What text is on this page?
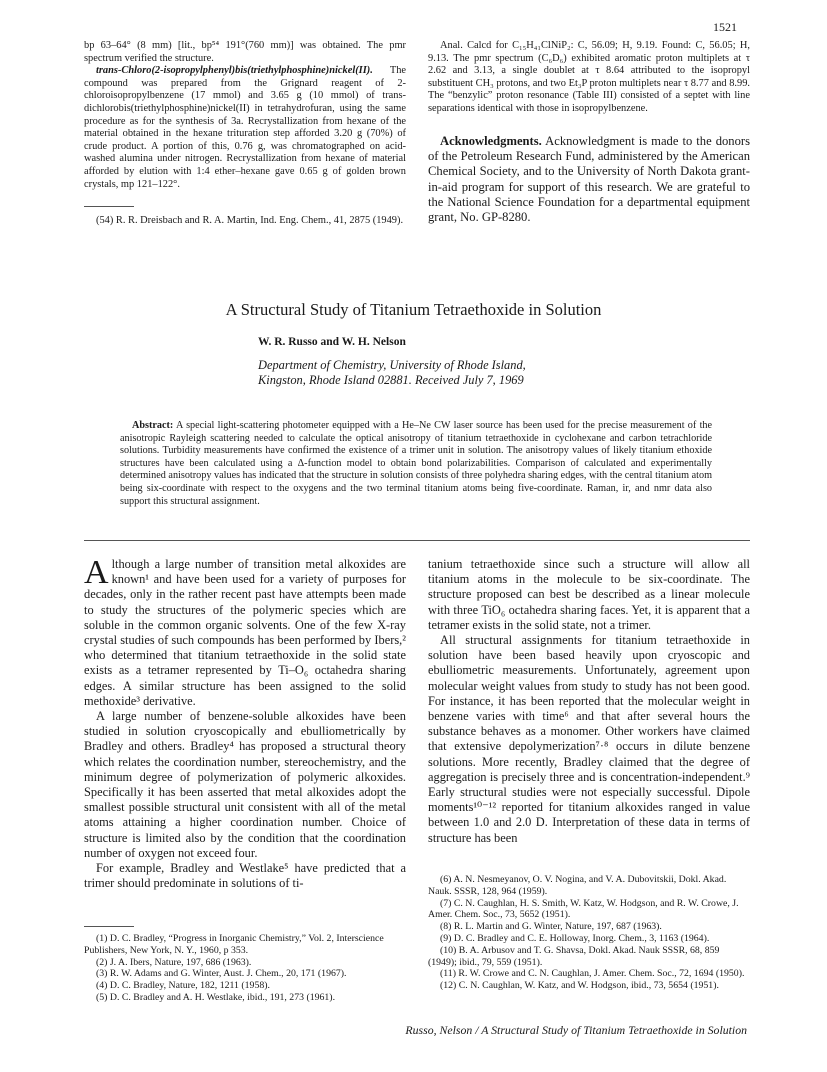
1521

bp 63–64° (8 mm) [lit., bp⁵⁴ 191°(760 mm)] was obtained. The pmr spectrum verified the structure.

trans-Chloro(2-isopropylphenyl)bis(triethylphosphine)nickel(II). The compound was prepared from the Grignard reagent of 2-chloroisopropylbenzene (17 mmol) and 3.65 g (10 mmol) of trans-dichlorobis(triethylphosphine)nickel(II) in tetrahydrofuran, using the same procedure as for the synthesis of 3a. Recrystallization from hexane of the material obtained in the hexane trituration step afforded 3.20 g (70%) of crude product. A portion of this, 0.76 g, was chromatographed on acid-washed alumina under nitrogen. Recrystallization from hexane of material afforded by elution with 1:4 ether–hexane gave 0.65 g of golden brown crystals, mp 121–122°.

(54) R. R. Dreisbach and R. A. Martin, Ind. Eng. Chem., 41, 2875 (1949).
Anal. Calcd for C₁₅H₄₁ClNiP₂: C, 56.09; H, 9.19. Found: C, 56.05; H, 9.13. The pmr spectrum (C₆D₆) exhibited aromatic proton multiplets at τ 2.62 and 3.13, a single doublet at τ 8.64 attributed to the isopropyl substituent CH₃ protons, and two Et₃P proton multiplets near τ 8.77 and 8.99. The “benzylic” proton resonance (Table III) consisted of a septet with line separations identical with those in isopropylbenzene.
Acknowledgments. Acknowledgment is made to the donors of the Petroleum Research Fund, administered by the American Chemical Society, and to the University of North Dakota grant-in-aid program for support of this research. We are grateful to the National Science Foundation for a departmental equipment grant, No. GP-8280.
A Structural Study of Titanium Tetraethoxide in Solution
W. R. Russo and W. H. Nelson
Department of Chemistry, University of Rhode Island,
Kingston, Rhode Island 02881. Received July 7, 1969
Abstract: A special light-scattering photometer equipped with a He–Ne CW laser source has been used for the precise measurement of the anisotropic Rayleigh scattering needed to calculate the optical anisotropy of titanium tetraethoxide in cyclohexane and carbon tetrachloride solutions. Turbidity measurements have confirmed the existence of a trimer unit in solution. The anisotropy values of likely titanium ethoxide structures have been calculated using a Δ-function model to obtain bond polarizabilities. Comparison of calculated and experimentally determined anisotropy values has indicated that the structure in solution consists of three polyhedra sharing edges, with the central titanium atom being six-coordinate with respect to the oxygens and the two terminal titanium atoms being five-coordinate. Raman, ir, and nmr data also support this structural assignment.

Although a large number of transition metal alkoxides are known¹ and have been used for a variety of purposes for decades, only in the rather recent past have attempts been made to study the structures of the polymeric species which are soluble in the common organic solvents. One of the few X-ray crystal studies of such compounds has been performed by Ibers,² who determined that titanium tetraethoxide in the solid state exists as a tetramer represented by Ti–O₆ octahedra sharing edges. A similar structure has been assigned to the solid methoxide³ derivative.

A large number of benzene-soluble alkoxides have been studied in solution cryoscopically and ebulliometrically by Bradley and others. Bradley⁴ has proposed a structural theory which relates the coordination number, stereochemistry, and the minimum degree of polymerization of polymeric alkoxides. Specifically it has been asserted that metal alkoxides adopt the smallest possible structural unit consistent with all of the metal atoms attaining a higher coordination number. Choice of structure is limited also by the condition that the coordination number of oxygen not exceed four.

For example, Bradley and Westlake⁵ have predicted that a trimer should predominate in solutions of ti-

tanium tetraethoxide since such a structure will allow all titanium atoms in the molecule to be six-coordinate. The structure proposed can best be described as a linear molecule with three TiO₆ octahedra sharing faces. Yet, it is apparent that a tetramer exists in the solid state, not a trimer.

All structural assignments for titanium tetraethoxide in solution have been based heavily upon cryoscopic and ebulliometric measurements. Unfortunately, agreement upon molecular weight values from study to study has not been good. For instance, it has been reported that the molecular weight in benzene varies with time⁶ and that after several hours the substance behaves as a monomer. Other workers have claimed that extensive depolymerization⁷·⁸ occurs in dilute benzene solutions. More recently, Bradley claimed that the degree of aggregation is precisely three and is concentration-independent.⁹ Early structural studies were not especially successful. Dipole moments¹⁰⁻¹² reported for titanium alkoxides ranged in value between 1.0 and 2.0 D. Interpretation of these data in terms of structure has been

(1) D. C. Bradley, “Progress in Inorganic Chemistry,” Vol. 2, Interscience Publishers, New York, N. Y., 1960, p 353.
(2) J. A. Ibers, Nature, 197, 686 (1963).
(3) R. W. Adams and G. Winter, Aust. J. Chem., 20, 171 (1967).
(4) D. C. Bradley, Nature, 182, 1211 (1958).
(5) D. C. Bradley and A. H. Westlake, ibid., 191, 273 (1961).
(6) A. N. Nesmeyanov, O. V. Nogina, and V. A. Dubovitskii, Dokl. Akad. Nauk. SSSR, 128, 964 (1959).
(7) C. N. Caughlan, H. S. Smith, W. Katz, W. Hodgson, and R. W. Crowe, J. Amer. Chem. Soc., 73, 5652 (1951).
(8) R. L. Martin and G. Winter, Nature, 197, 687 (1963).
(9) D. C. Bradley and C. E. Holloway, Inorg. Chem., 3, 1163 (1964).
(10) B. A. Arbusov and T. G. Shavsa, Dokl. Akad. Nauk SSSR, 68, 859 (1949); ibid., 79, 559 (1951).
(11) R. W. Crowe and C. N. Caughlan, J. Amer. Chem. Soc., 72, 1694 (1950).
(12) C. N. Caughlan, W. Katz, and W. Hodgson, ibid., 73, 5654 (1951).
Russo, Nelson / A Structural Study of Titanium Tetraethoxide in Solution
